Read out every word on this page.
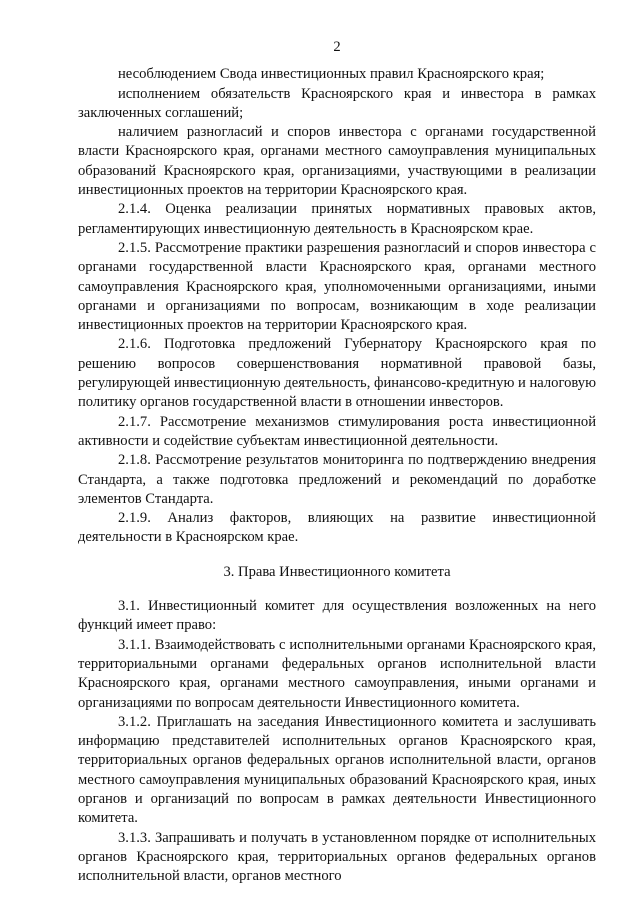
2

несоблюдением Свода инвестиционных правил Красноярского края;

исполнением обязательств Красноярского края и инвестора в рамках заключенных соглашений;

наличием разногласий и споров инвестора с органами государственной власти Красноярского края, органами местного самоуправления муниципальных образований Красноярского края, организациями, участвующими в реализации инвестиционных проектов на территории Красноярского края.

2.1.4. Оценка реализации принятых нормативных правовых актов, регламентирующих инвестиционную деятельность в Красноярском крае.

2.1.5. Рассмотрение практики разрешения разногласий и споров инвестора с органами государственной власти Красноярского края, органами местного самоуправления Красноярского края, уполномоченными организациями, иными органами и организациями по вопросам, возникающим в ходе реализации инвестиционных проектов на территории Красноярского края.

2.1.6. Подготовка предложений Губернатору Красноярского края по решению вопросов совершенствования нормативной правовой базы, регулирующей инвестиционную деятельность, финансово-кредитную и налоговую политику органов государственной власти в отношении инвесторов.

2.1.7. Рассмотрение механизмов стимулирования роста инвестиционной активности и содействие субъектам инвестиционной деятельности.

2.1.8. Рассмотрение результатов мониторинга по подтверждению внедрения Стандарта, а также подготовка предложений и рекомендаций по доработке элементов Стандарта.

2.1.9. Анализ факторов, влияющих на развитие инвестиционной деятельности в Красноярском крае.

3. Права Инвестиционного комитета

3.1. Инвестиционный комитет для осуществления возложенных на него функций имеет право:

3.1.1. Взаимодействовать с исполнительными органами Красноярского края, территориальными органами федеральных органов исполнительной власти Красноярского края, органами местного самоуправления, иными органами и организациями по вопросам деятельности Инвестиционного комитета.

3.1.2. Приглашать на заседания Инвестиционного комитета и заслушивать информацию представителей исполнительных органов Красноярского края, территориальных органов федеральных органов исполнительной власти, органов местного самоуправления муниципальных образований Красноярского края, иных органов и организаций по вопросам в рамках деятельности Инвестиционного комитета.

3.1.3. Запрашивать и получать в установленном порядке от исполнительных органов Красноярского края, территориальных органов федеральных органов исполнительной власти, органов местного
